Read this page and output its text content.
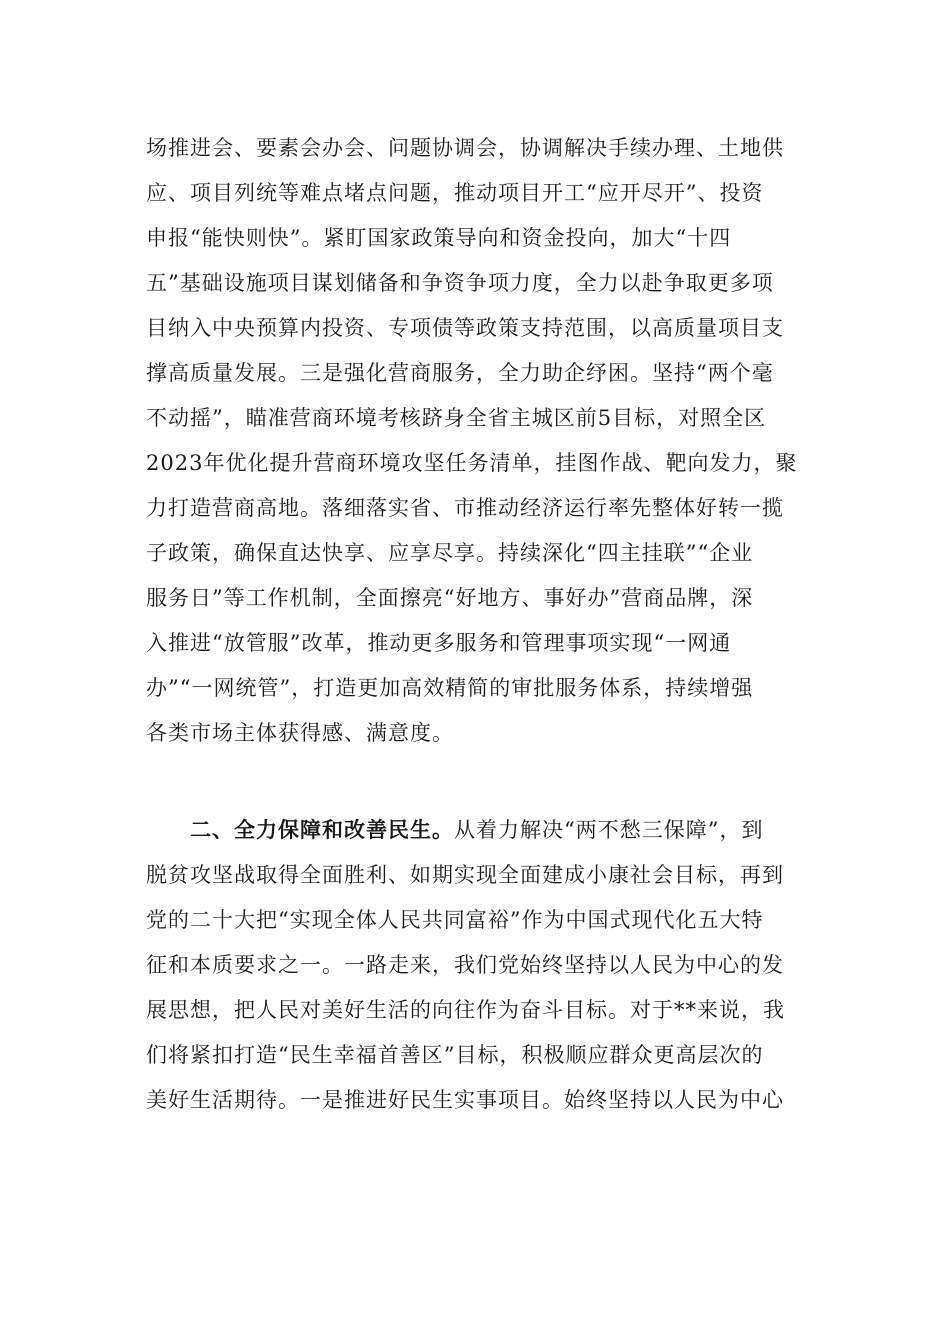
场推进会、要素会办会、问题协调会，协调解决手续办理、土地供
应、项目列统等难点堵点问题，推动项目开工“应开尽开”、投资
申报“能快则快”。紧盯国家政策导向和资金投向，加大“十四
五”基础设施项目谋划储备和争资争项力度，全力以赴争取更多项
目纳入中央预算内投资、专项债等政策支持范围，以高质量项目支
撑高质量发展。三是强化营商服务，全力助企纾困。坚持“两个毫
不动摇”，瞄准营商环境考核跻身全省主城区前5目标，对照全区
2023年优化提升营商环境攻坚任务清单，挂图作战、靶向发力，聚
力打造营商高地。落细落实省、市推动经济运行率先整体好转一揽
子政策，确保直达快享、应享尽享。持续深化“四主挂联”“企业
服务日”等工作机制，全面擦亮“好地方、事好办”营商品牌，深
入推进“放管服”改革，推动更多服务和管理事项实现“一网通
办”“一网统管”，打造更加高效精简的审批服务体系，持续增强
各类市场主体获得感、满意度。
二、全力保障和改善民生。从着力解决“两不愁三保障”，到
脱贫攻坚战取得全面胜利、如期实现全面建成小康社会目标，再到
党的二十大把“实现全体人民共同富裕”作为中国式现代化五大特
征和本质要求之一。一路走来，我们党始终坚持以人民为中心的发
展思想，把人民对美好生活的向往作为奋斗目标。对于**来说，我
们将紧扣打造“民生幸福首善区”目标，积极顺应群众更高层次的
美好生活期待。一是推进好民生实事项目。始终坚持以人民为中心
